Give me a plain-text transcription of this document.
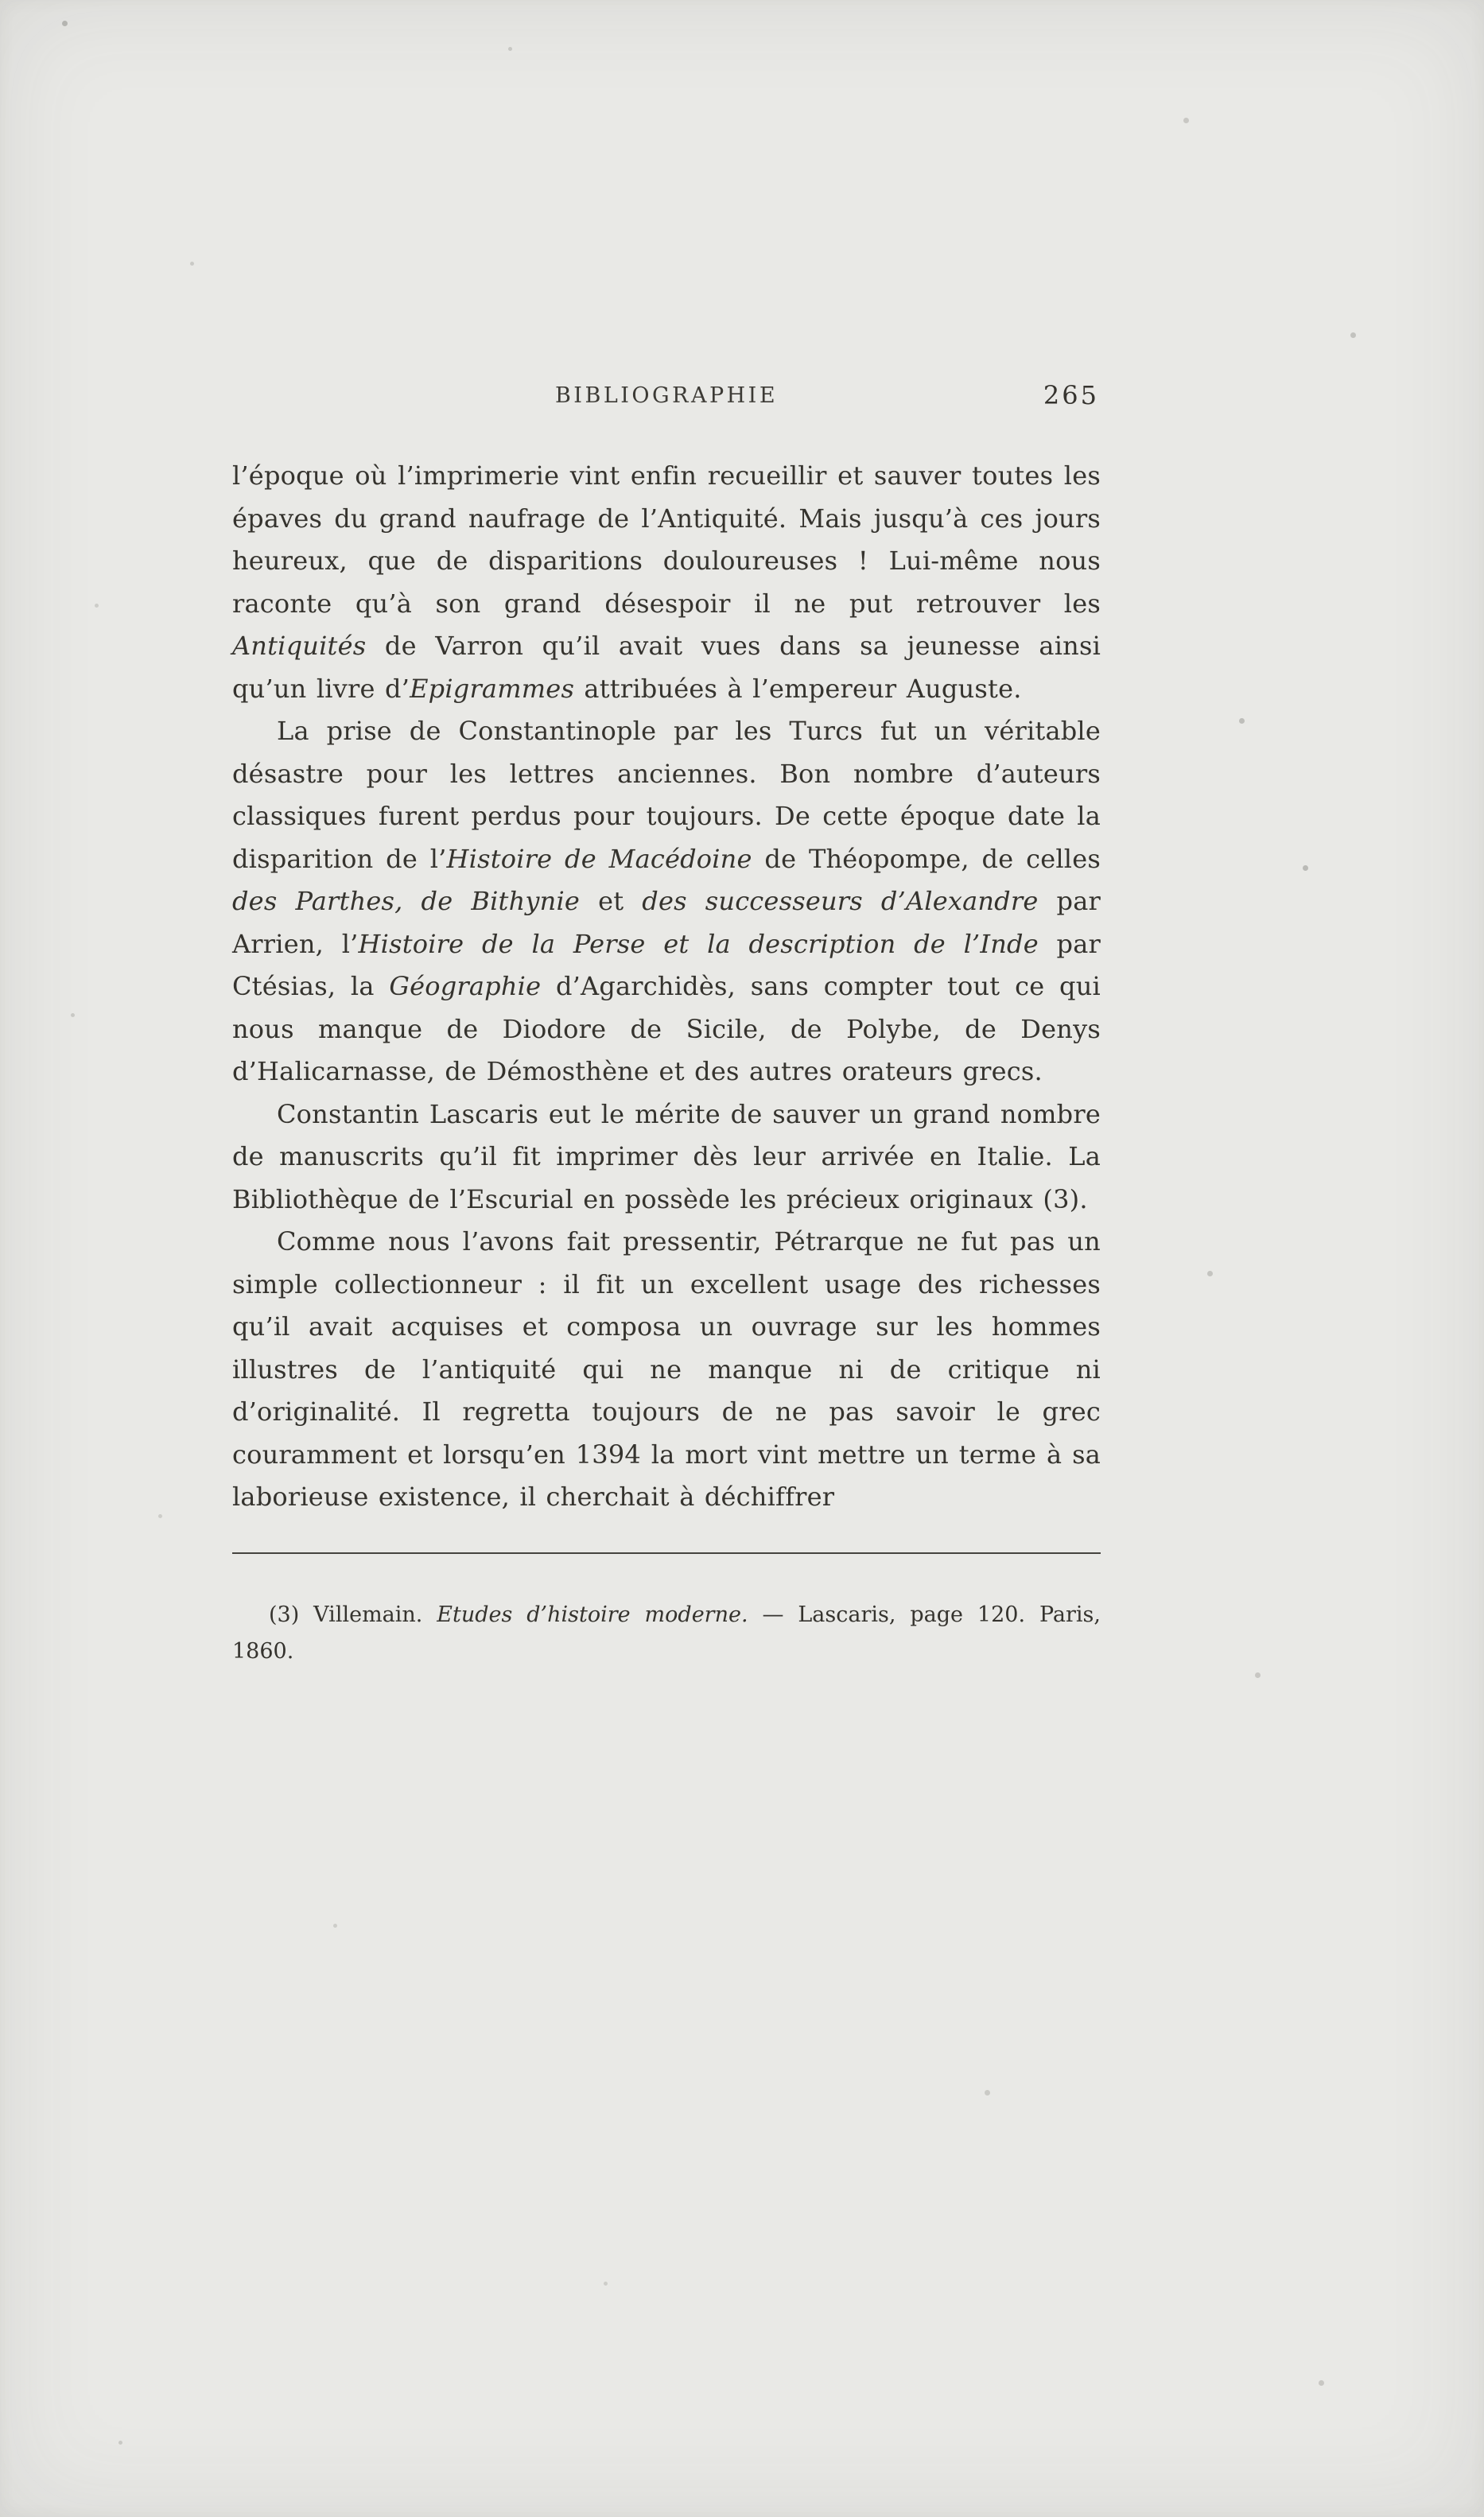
BIBLIOGRAPHIE	265

l’époque où l’imprimerie vint enfin recueillir et sauver toutes les épaves du grand naufrage de l’Antiquité. Mais jusqu’à ces jours heureux, que de disparitions douloureuses ! Lui-même nous raconte qu’à son grand désespoir il ne put retrouver les Antiquités de Varron qu’il avait vues dans sa jeunesse ainsi qu’un livre d’Epigrammes attribuées à l’empereur Auguste.

La prise de Constantinople par les Turcs fut un véritable désastre pour les lettres anciennes. Bon nombre d’auteurs classiques furent perdus pour toujours. De cette époque date la disparition de l’Histoire de Macédoine de Théopompe, de celles des Parthes, de Bithynie et des successeurs d’Alexandre par Arrien, l’Histoire de la Perse et la description de l’Inde par Ctésias, la Géographie d’Agarchidès, sans compter tout ce qui nous manque de Diodore de Sicile, de Polybe, de Denys d’Halicarnasse, de Démosthène et des autres orateurs grecs.

Constantin Lascaris eut le mérite de sauver un grand nombre de manuscrits qu’il fit imprimer dès leur arrivée en Italie. La Bibliothèque de l’Escurial en possède les précieux originaux (3).

Comme nous l’avons fait pressentir, Pétrarque ne fut pas un simple collectionneur : il fit un excellent usage des richesses qu’il avait acquises et composa un ouvrage sur les hommes illustres de l’antiquité qui ne manque ni de critique ni d’originalité. Il regretta toujours de ne pas savoir le grec couramment et lorsqu’en 1394 la mort vint mettre un terme à sa laborieuse existence, il cherchait à déchiffrer

(3) Villemain. Etudes d’histoire moderne. — Lascaris, page 120. Paris, 1860.
